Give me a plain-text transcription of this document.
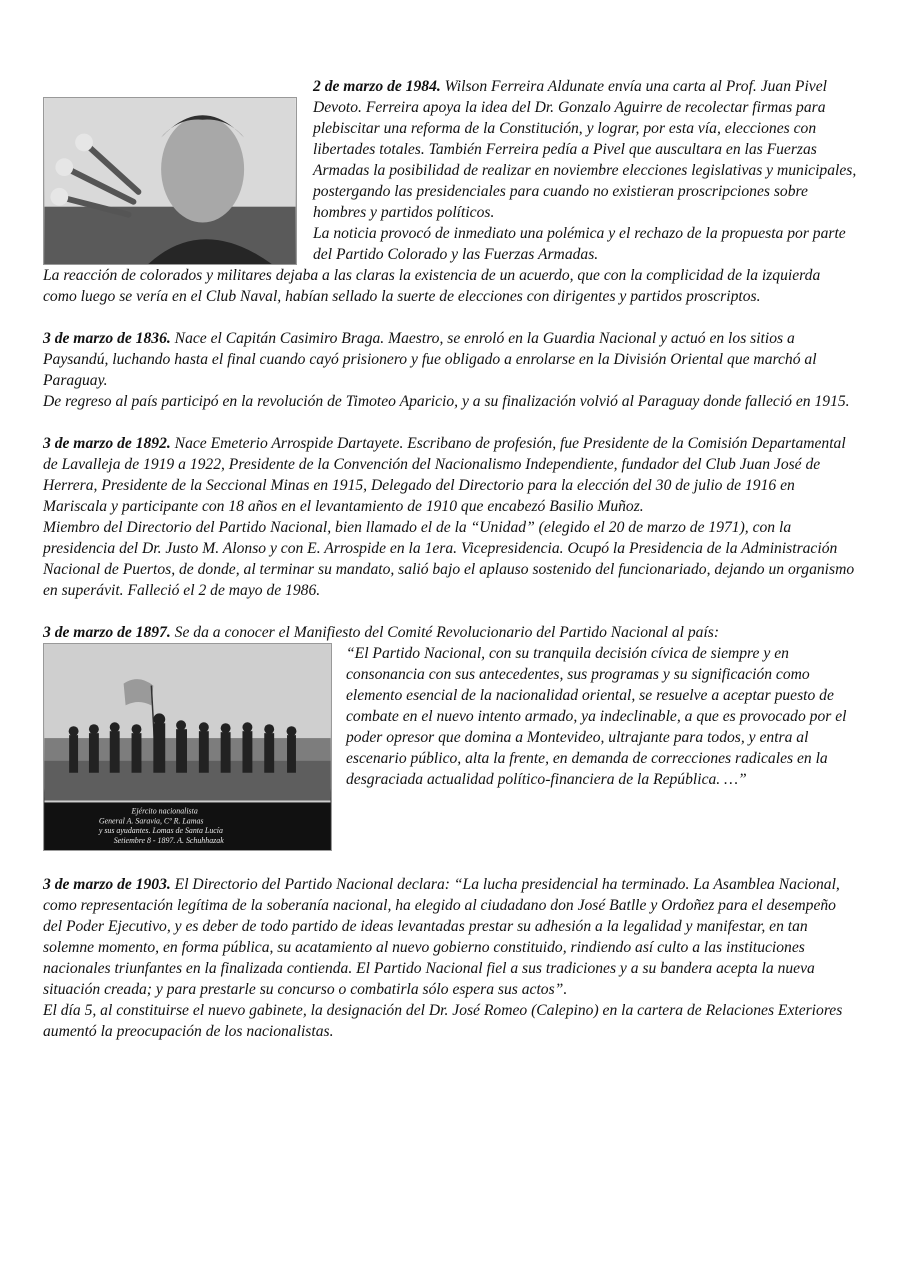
2 de marzo de 1984. Wilson Ferreira Aldunate envía una carta al Prof. Juan Pivel Devoto. Ferreira apoya la idea del Dr. Gonzalo Aguirre de recolectar firmas para plebiscitar una reforma de la Constitución, y lograr, por esta vía, elecciones con libertades totales. También Ferreira pedía a Pivel que auscultara en las Fuerzas Armadas la posibilidad de realizar en noviembre elecciones legislativas y municipales, postergando las presidenciales para cuando no existieran proscripciones sobre hombres y partidos políticos.

La noticia provocó de inmediato una polémica y el rechazo de la propuesta por parte del Partido Colorado y las Fuerzas Armadas.

La reacción de colorados y militares dejaba a las claras la existencia de un acuerdo, que con la complicidad de la izquierda como luego se vería en el Club Naval, habían sellado la suerte de elecciones con dirigentes y partidos proscriptos.

3 de marzo de 1836. Nace el Capitán Casimiro Braga. Maestro, se enroló en la Guardia Nacional y actuó en los sitios a Paysandú, luchando hasta el final cuando cayó prisionero y fue obligado a enrolarse en la División Oriental que marchó al Paraguay.

De regreso al país participó en la revolución de Timoteo Aparicio, y a su finalización volvió al Paraguay donde falleció en 1915.

3 de marzo de 1892. Nace Emeterio Arrospide Dartayete. Escribano de profesión, fue Presidente de la Comisión Departamental de Lavalleja de 1919 a 1922, Presidente de la Convención del Nacionalismo Independiente, fundador del Club Juan José de Herrera, Presidente de la Seccional Minas en 1915, Delegado del Directorio para la elección del 30 de julio de 1916 en Mariscala y participante con 18 años en el levantamiento de 1910 que encabezó Basilio Muñoz.

Miembro del Directorio del Partido Nacional, bien llamado el de la “Unidad” (elegido el 20 de marzo de 1971), con la presidencia del Dr. Justo M. Alonso y con E. Arrospide en la 1era. Vicepresidencia. Ocupó la Presidencia de la Administración Nacional de Puertos, de donde, al terminar su mandato, salió bajo el aplauso sostenido del funcionariado, dejando un organismo en superávit. Falleció el 2 de mayo de 1986.

3 de marzo de 1897. Se da a conocer el Manifiesto del Comité Revolucionario del Partido Nacional al país:

Ejército nacionalista
General A. Saravia, Cº R. Lamas
y sus ayudantes. Lomas de Santa Lucía
Setiembre 8 - 1897. A. Schuhhazak

“El Partido Nacional, con su tranquila decisión cívica de siempre y en consonancia con sus antecedentes, sus programas y su significación como elemento esencial de la nacionalidad oriental, se resuelve a aceptar puesto de combate en el nuevo intento armado, ya indeclinable, a que es provocado por el poder opresor que domina a Montevideo, ultrajante para todos, y entra al escenario público, alta la frente, en demanda de correcciones radicales en la desgraciada actualidad político-financiera de la República. …”

3 de marzo de 1903. El Directorio del Partido Nacional declara: “La lucha presidencial ha terminado. La Asamblea Nacional, como representación legítima de la soberanía nacional, ha elegido al ciudadano don José Batlle y Ordoñez para el desempeño del Poder Ejecutivo, y es deber de todo partido de ideas levantadas prestar su adhesión a la legalidad y manifestar, en tan solemne momento, en forma pública, su acatamiento al nuevo gobierno constituido, rindiendo así culto a las instituciones nacionales triunfantes en la finalizada contienda. El Partido Nacional fiel a sus tradiciones y a su bandera acepta la nueva situación creada; y para prestarle su concurso o combatirla sólo espera sus actos”.

El día 5, al constituirse el nuevo gabinete, la designación del Dr. José Romeo (Calepino) en la cartera de Relaciones Exteriores aumentó la preocupación de los nacionalistas.
